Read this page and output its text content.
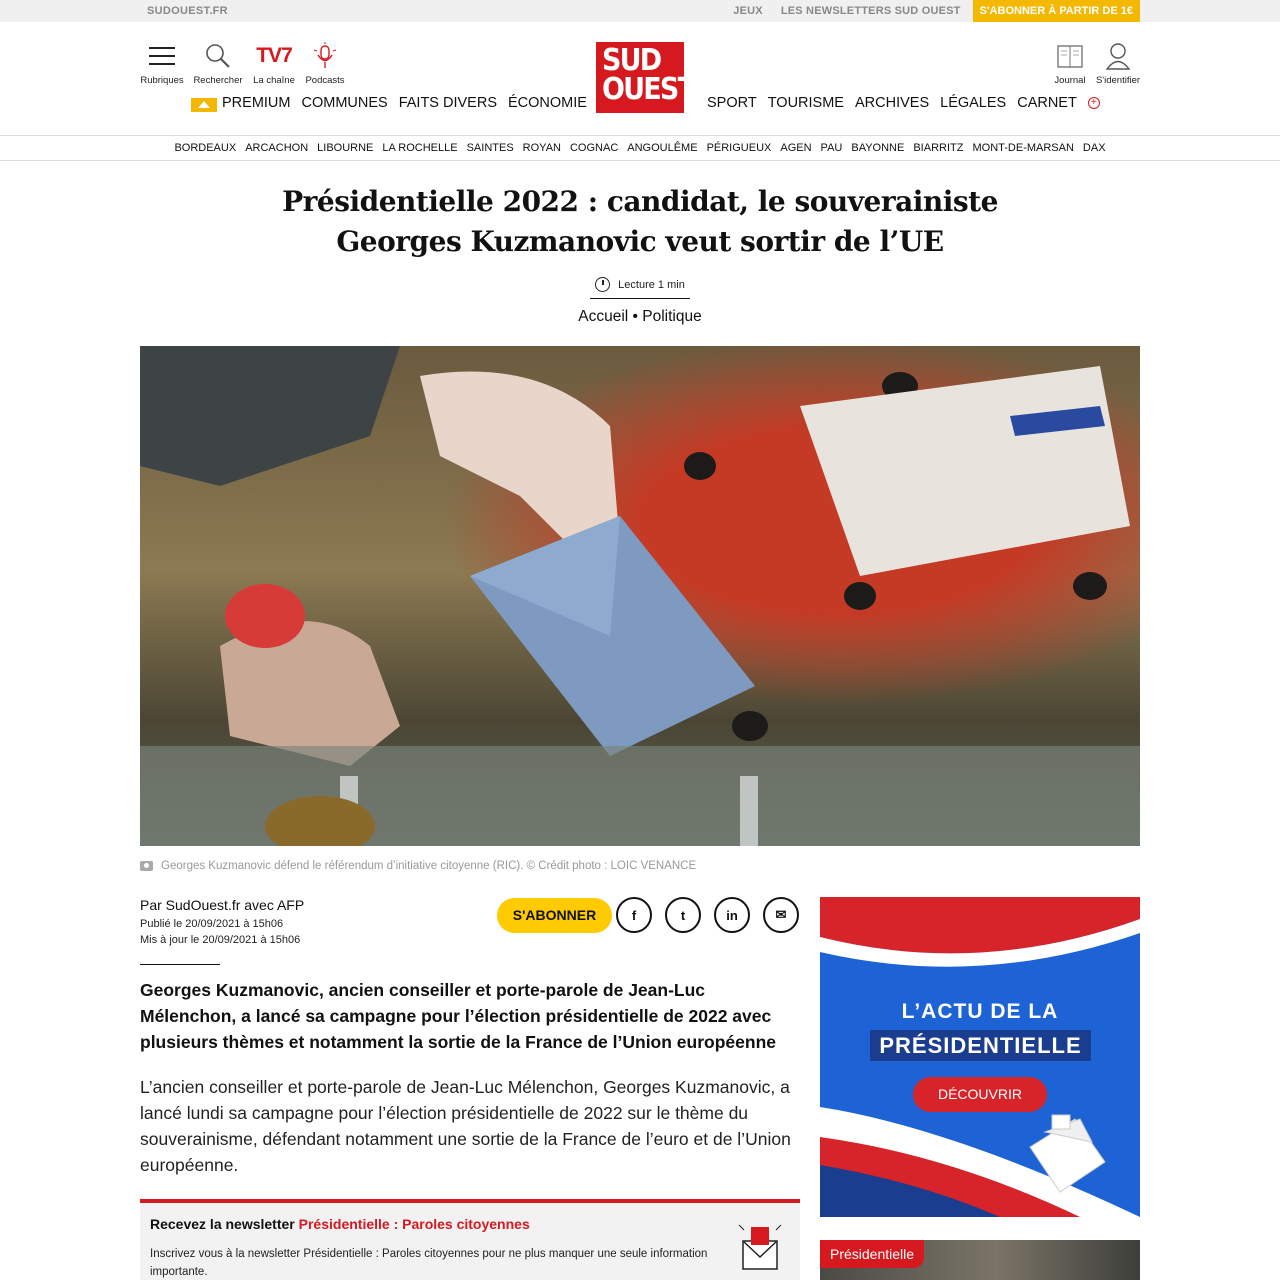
SUDOUEST.FR	JEUX LES NEWSLETTERS SUD OUEST	S'ABONNER À PARTIR DE 1€
Rubriques	Rechercher
TV7
La chaîne	Podcasts
SUD
OUEST	Journal	S'identifier
PREMIUM COMMUNES FAITS DIVERS ÉCONOMIE	SPORT TOURISME ARCHIVES LÉGALES CARNET	+
BORDEAUX ARCACHON LIBOURNE LA ROCHELLE SAINTES ROYAN COGNAC ANGOULÊME PÉRIGUEUX AGEN PAU BAYONNE BIARRITZ MONT-DE-MARSAN DAX
Présidentielle 2022 : candidat, le souverainiste Georges Kuzmanovic veut sortir de l’UE
Lecture 1 min
Accueil • Politique
Georges Kuzmanovic défend le référendum d’initiative citoyenne (RIC). © Crédit photo : LOIC VENANCE
Par SudOuest.fr avec AFP
Publié le 20/09/2021 à 15h06
Mis à jour le 20/09/2021 à 15h06
S'ABONNER	f	t	in	✉

Georges Kuzmanovic, ancien conseiller et porte-parole de Jean-Luc Mélenchon, a lancé sa campagne pour l’élection présidentielle de 2022 avec plusieurs thèmes et notamment la sortie de la France de l’Union européenne

L’ancien conseiller et porte-parole de Jean-Luc Mélenchon, Georges Kuzmanovic, a lancé lundi sa campagne pour l’élection présidentielle de 2022 sur le thème du souverainisme, défendant notamment une sortie de la France de l’euro et de l’Union européenne.

Recevez la newsletter Présidentielle : Paroles citoyennes
Inscrivez vous à la newsletter Présidentielle : Paroles citoyennes pour ne plus manquer une seule information importante.
L’ACTU DE LA
PRÉSIDENTIELLE
DÉCOUVRIR
Présidentielle
